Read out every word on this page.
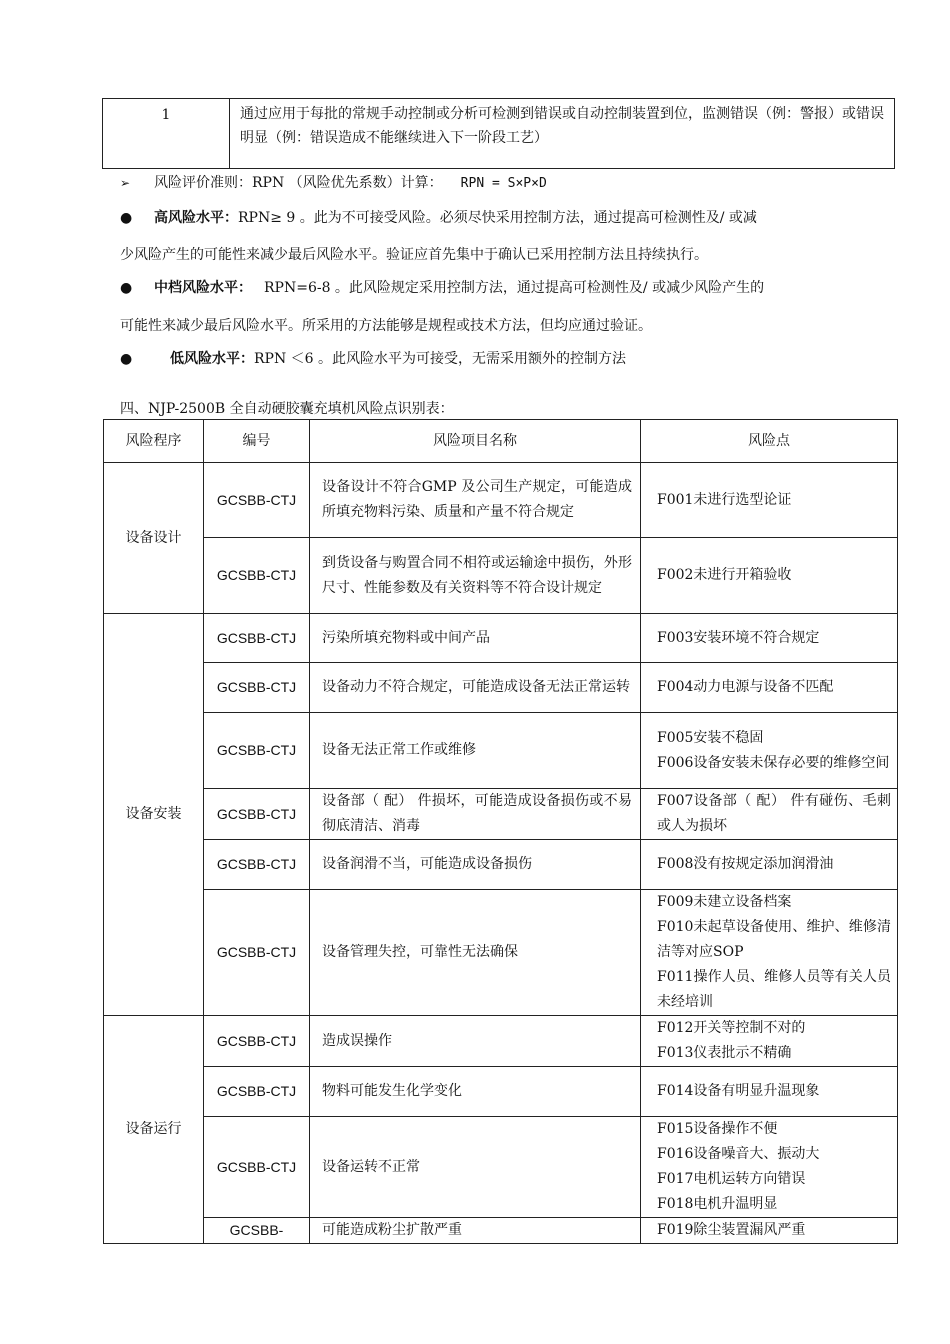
1	通过应用于每批的常规手动控制或分析可检测到错误或自动控制装置到位，监测错误（例：警报）或错误明显（例：错误造成不能继续进入下一阶段工艺）
➢ 风险评价准则：RPN （风险优先系数）计算： RPN = S×P×D
● 高风险水平：RPN≥ 9 。此为不可接受风险。必须尽快采用控制方法，通过提高可检测性及/ 或减
少风险产生的可能性来减少最后风险水平。验证应首先集中于确认已采用控制方法且持续执行。
● 中档风险水平： RPN=6-8 。此风险规定采用控制方法，通过提高可检测性及/ 或减少风险产生的
可能性来减少最后风险水平。所采用的方法能够是规程或技术方法，但均应通过验证。
●	低风险水平：RPN ＜6 。此风险水平为可接受，无需采用额外的控制方法
四、NJP-2500B 全自动硬胶囊充填机风险点识别表：
风险程序	编号	风险项目名称	风险点
设备设计	GCSBB-CTJ	设备设计不符合GMP 及公司生产规定，可能造成所填充物料污染、质量和产量不符合规定	F001未进行选型论证

	GCSBB-CTJ	到货设备与购置合同不相符或运输途中损伤，外形尺寸、性能参数及有关资料等不符合设计规定	F002未进行开箱验收

设备安装	GCSBB-CTJ	污染所填充物料或中间产品	F003安装环境不符合规定

	GCSBB-CTJ	设备动力不符合规定，可能造成设备无法正常运转	F004动力电源与设备不匹配

	GCSBB-CTJ	设备无法正常工作或维修	F005安装不稳固
F006设备安装未保存必要的维修空间

	GCSBB-CTJ	设备部（ 配） 件损坏，可能造成设备损伤或不易彻底清洁、消毒	F007设备部（ 配） 件有碰伤、毛刺或人为损坏

	GCSBB-CTJ	设备润滑不当，可能造成设备损伤	F008没有按规定添加润滑油

	GCSBB-CTJ	设备管理失控，可靠性无法确保	F009未建立设备档案
F010未起草设备使用、维护、维修清洁等对应SOP
F011操作人员、维修人员等有关人员未经培训

设备运行	GCSBB-CTJ	造成误操作	F012开关等控制不对的
F013仪表批示不精确

	GCSBB-CTJ	物料可能发生化学变化	F014设备有明显升温现象

	GCSBB-CTJ	设备运转不正常	F015设备操作不便
F016设备噪音大、振动大
F017电机运转方向错误
F018电机升温明显

	GCSBB-	可能造成粉尘扩散严重	F019除尘装置漏风严重
